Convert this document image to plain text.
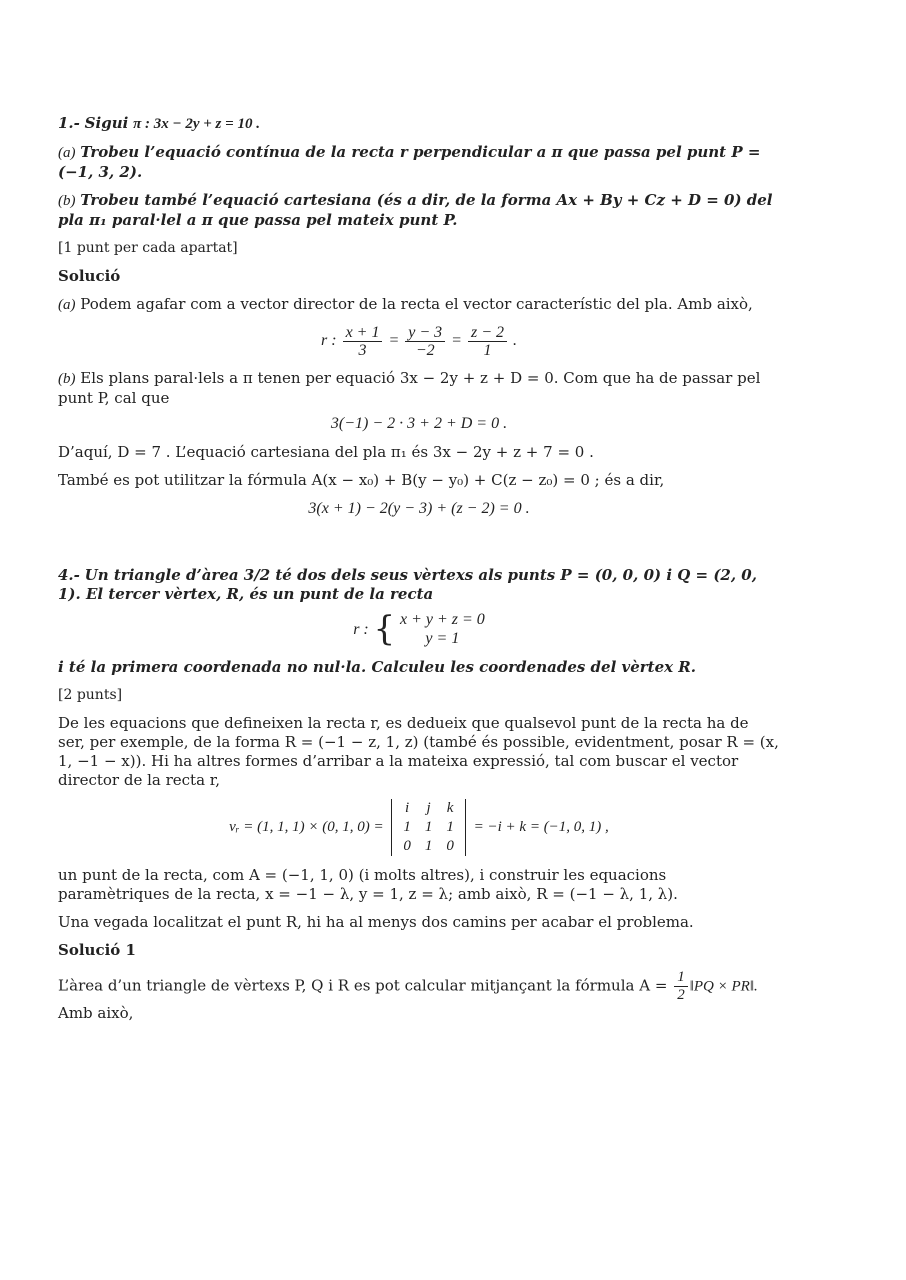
1.- Sigui π : 3x − 2y + z = 10 .

(a) Trobeu l’equació contínua de la recta r perpendicular a π que passa pel punt P = (−1, 3, 2).

(b) Trobeu també l’equació cartesiana (és a dir, de la forma Ax + By + Cz + D = 0) del pla π₁ paral·lel a π que passa pel mateix punt P.

[1 punt per cada apartat]

Solució

(a) Podem agafar com a vector director de la recta el vector característic del pla. Amb això,

r : $\frac{x + 1}{3} = \frac{y - 3}{-2} = \frac{z - 2}{1}$ .

(b) Els plans paral·lels a π tenen per equació 3x − 2y + z + D = 0. Com que ha de passar pel punt P, cal que

3(−1) − 2 · 3 + 2 + D = 0 .

D’aquí, D = 7 . L’equació cartesiana del pla π₁ és 3x − 2y + z + 7 = 0 .

També es pot utilitzar la fórmula A(x − x₀) + B(y − y₀) + C(z − z₀) = 0 ; és a dir,

3(x + 1) − 2(y − 3) + (z − 2) = 0 .

4.- Un triangle d’àrea 3/2 té dos dels seus vèrtexs als punts P = (0, 0, 0) i Q = (2, 0, 1). El tercer vèrtex, R, és un punt de la recta

r : { x + y + z = 0
y = 1

i té la primera coordenada no nul·la. Calculeu les coordenades del vèrtex R.

[2 punts]

De les equacions que defineixen la recta r, es dedueix que qualsevol punt de la recta ha de ser, per exemple, de la forma R = (−1 − z, 1, z) (també és possible, evidentment, posar R = (x, 1, −1 − x)). Hi ha altres formes d’arribar a la mateixa expressió, tal com buscar el vector director de la recta r,

vᵣ = (1, 1, 1) × (0, 1, 0) =
i	j	k
1	1	1
0	1	0
= −i + k = (−1, 0, 1) ,

un punt de la recta, com A = (−1, 1, 0) (i molts altres), i construir les equacions paramètriques de la recta, x = −1 − λ, y = 1, z = λ; amb això, R = (−1 − λ, 1, λ).

Una vegada localitzat el punt R, hi ha al menys dos camins per acabar el problema.

Solució 1

L’àrea d’un triangle de vèrtexs P, Q i R es pot calcular mitjançant la fórmula $A = \frac{1}{2}$ ‖PQ × PR‖.
Amb això,
